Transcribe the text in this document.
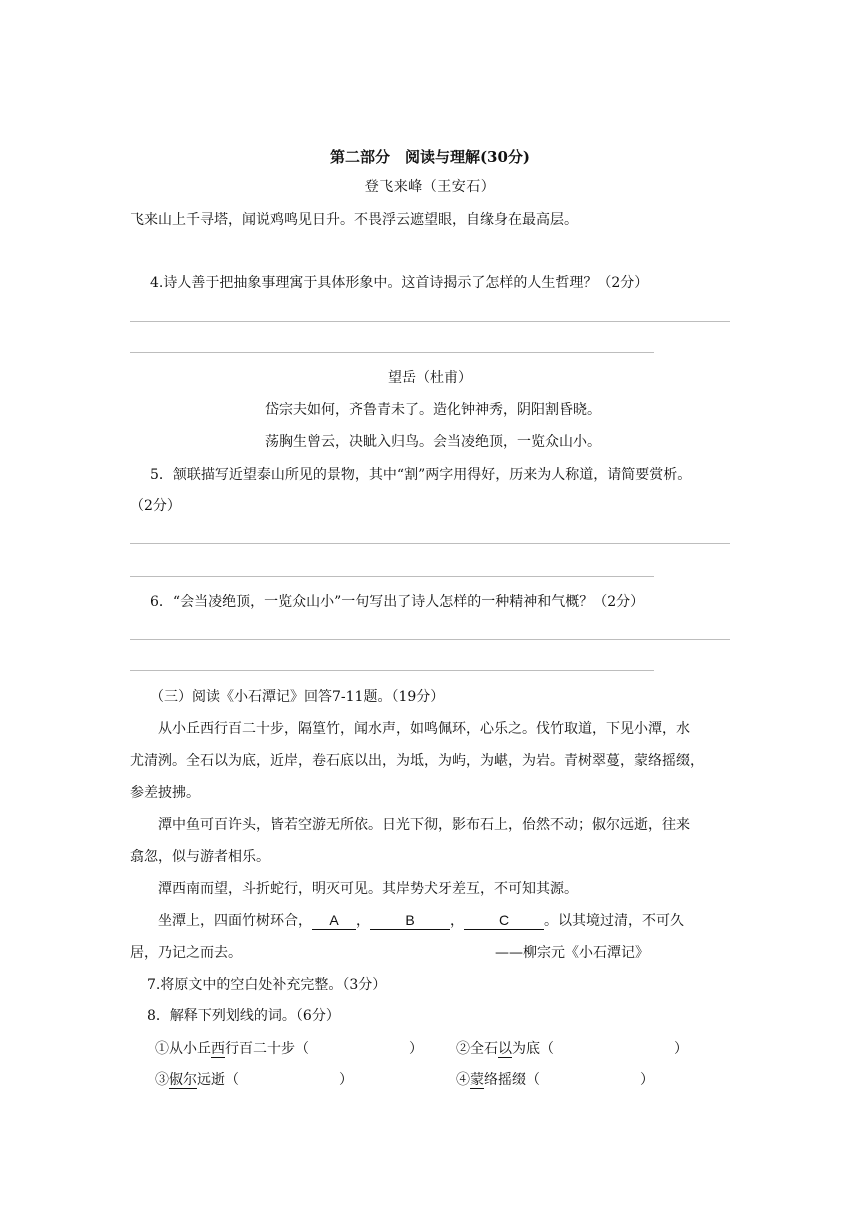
第二部分　阅读与理解(30分)
登飞来峰（王安石）
飞来山上千寻塔，闻说鸡鸣见日升。不畏浮云遮望眼，自缘身在最高层。
4.诗人善于把抽象事理寓于具体形象中。这首诗揭示了怎样的人生哲理？（2分）
望岳（杜甫）
岱宗夫如何，齐鲁青未了。造化钟神秀，阴阳割昏晓。
荡胸生曾云，决眦入归鸟。会当凌绝顶，一览众山小。
5．颔联描写近望泰山所见的景物，其中“割”两字用得好，历来为人称道，请简要赏析。
（2分）
6．“会当凌绝顶，一览众山小”一句写出了诗人怎样的一种精神和气概？（2分）
（三）阅读《小石潭记》回答7-11题。（19分）
从小丘西行百二十步，隔篁竹，闻水声，如鸣佩环，心乐之。伐竹取道，下见小潭，水
尤清洌。全石以为底，近岸，卷石底以出，为坻，为屿，为嵁，为岩。青树翠蔓，蒙络摇缀，
参差披拂。
潭中鱼可百许头，皆若空游无所依。日光下彻，影布石上，佁然不动；俶尔远逝，往来
翕忽，似与游者相乐。
潭西南而望，斗折蛇行，明灭可见。其岸势犬牙差互，不可知其源。
坐潭上，四面竹树环合， A ，	B	， C 。以其境过清，不可久
居，乃记之而去。	——柳宗元《小石潭记》
7.将原文中的空白处补充完整。（3分）
8．解释下列划线的词。（6分）
①从小丘西行百二十步（	） ②全石以为底（	）
③俶尔远逝（	）	④蒙络摇缀（	）
